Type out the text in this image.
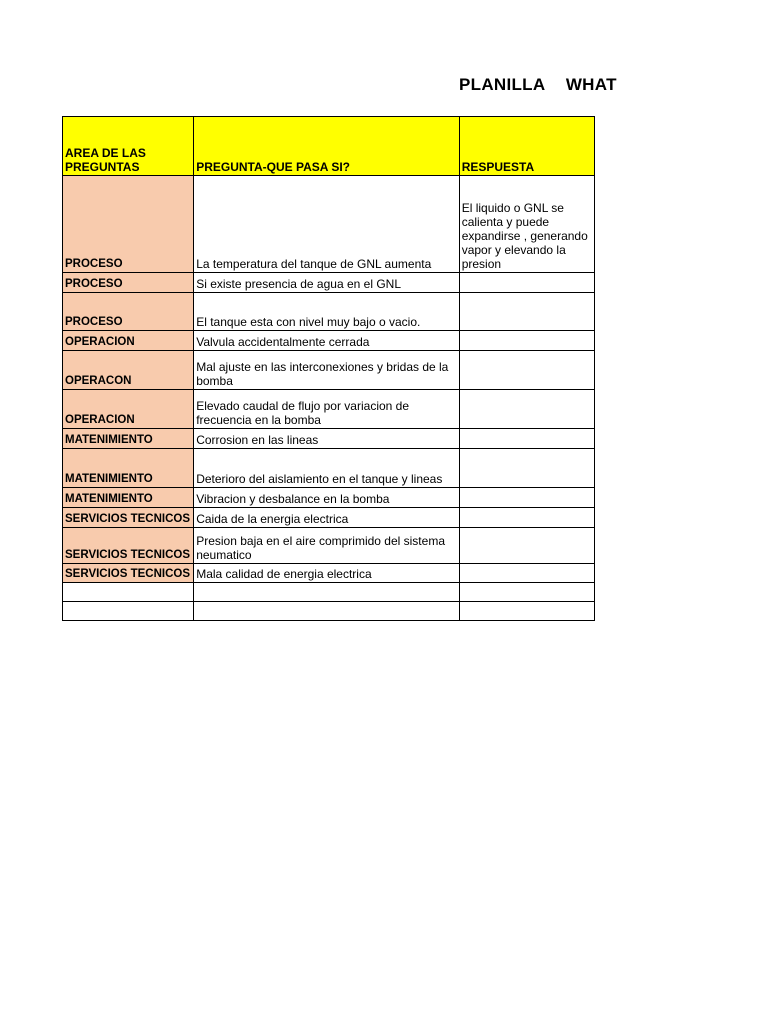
PLANILLA WHAT
AREA DE LAS PREGUNTAS	PREGUNTA-QUE PASA SI?	RESPUESTA
PROCESO	La temperatura del tanque de GNL aumenta	El liquido o GNL se calienta y puede expandirse , generando vapor y elevando la presion
PROCESO	Si existe presencia de agua en el GNL	
PROCESO	El tanque esta con nivel muy bajo o vacio.	
OPERACION	Valvula accidentalmente cerrada	
OPERACON	Mal ajuste en las interconexiones y bridas de la bomba	
OPERACION	Elevado caudal de flujo por variacion de frecuencia en la bomba	
MATENIMIENTO	Corrosion en las lineas	
MATENIMIENTO	Deterioro del aislamiento en el tanque y lineas	
MATENIMIENTO	Vibracion y desbalance en la bomba	
SERVICIOS TECNICOS	Caida de la energia electrica	
SERVICIOS TECNICOS	Presion baja en el aire comprimido del sistema neumatico	
SERVICIOS TECNICOS	Mala calidad de energia electrica	
